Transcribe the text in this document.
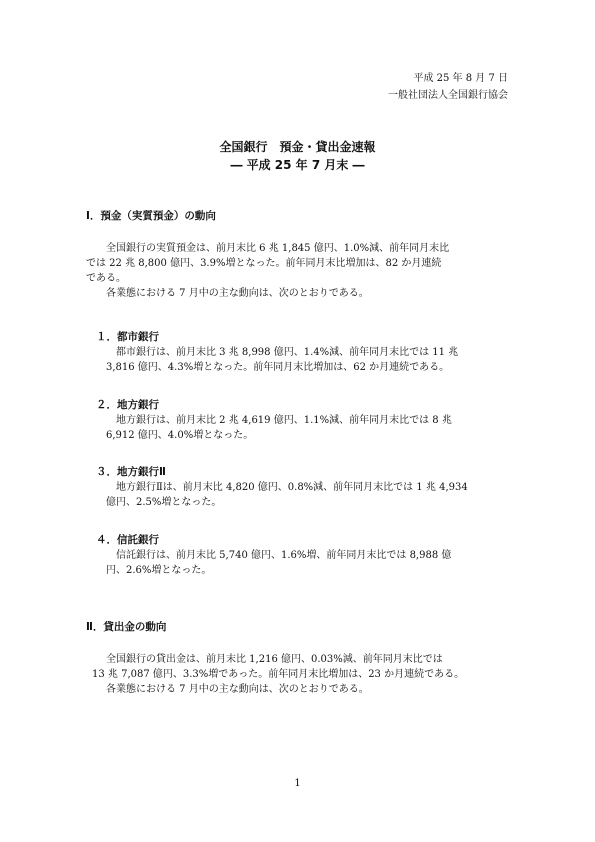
平成 25 年 8 月 7 日
一般社団法人全国銀行協会
全国銀行　預金・貸出金速報
― 平成 25 年 7 月末 ―
Ⅰ．預金（実質預金）の動向
全国銀行の実質預金は、前月末比 6 兆 1,845 億円、1.0%減、前年同月末比
では 22 兆 8,800 億円、3.9%増となった。前年同月末比増加は、82 か月連続
である。
各業態における 7 月中の主な動向は、次のとおりである。
１．都市銀行
都市銀行は、前月末比 3 兆 8,998 億円、1.4%減、前年同月末比では 11 兆
3,816 億円、4.3%増となった。前年同月末比増加は、62 か月連続である。
２．地方銀行
地方銀行は、前月末比 2 兆 4,619 億円、1.1%減、前年同月末比では 8 兆
6,912 億円、4.0%増となった。
３．地方銀行Ⅱ
地方銀行Ⅱは、前月末比 4,820 億円、0.8%減、前年同月末比では 1 兆 4,934
億円、2.5%増となった。
４．信託銀行
信託銀行は、前月末比 5,740 億円、1.6%増、前年同月末比では 8,988 億
円、2.6%増となった。
Ⅱ．貸出金の動向
全国銀行の貸出金は、前月末比 1,216 億円、0.03%減、前年同月末比では
13 兆 7,087 億円、3.3%増であった。前年同月末比増加は、23 か月連続である。
各業態における 7 月中の主な動向は、次のとおりである。
1
